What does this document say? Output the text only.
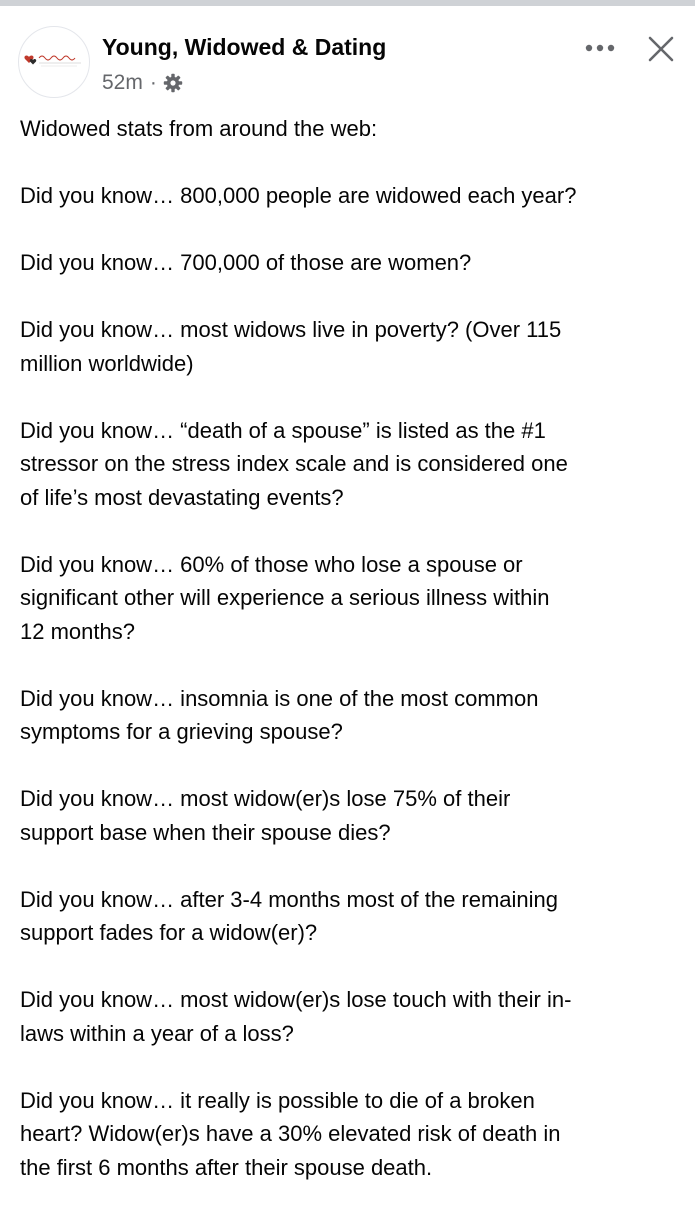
Young, Widowed & Dating
52m ·

Widowed stats from around the web:

Did you know… 800,000 people are widowed each year?

Did you know… 700,000 of those are women?

Did you know… most widows live in poverty? (Over 115
million worldwide)

Did you know… “death of a spouse” is listed as the #1
stressor on the stress index scale and is considered one
of life’s most devastating events?

Did you know… 60% of those who lose a spouse or
significant other will experience a serious illness within
12 months?

Did you know… insomnia is one of the most common
symptoms for a grieving spouse?

Did you know… most widow(er)s lose 75% of their
support base when their spouse dies?

Did you know… after 3-4 months most of the remaining
support fades for a widow(er)?

Did you know… most widow(er)s lose touch with their in-
laws within a year of a loss?

Did you know… it really is possible to die of a broken
heart? Widow(er)s have a 30% elevated risk of death in
the first 6 months after their spouse death.
